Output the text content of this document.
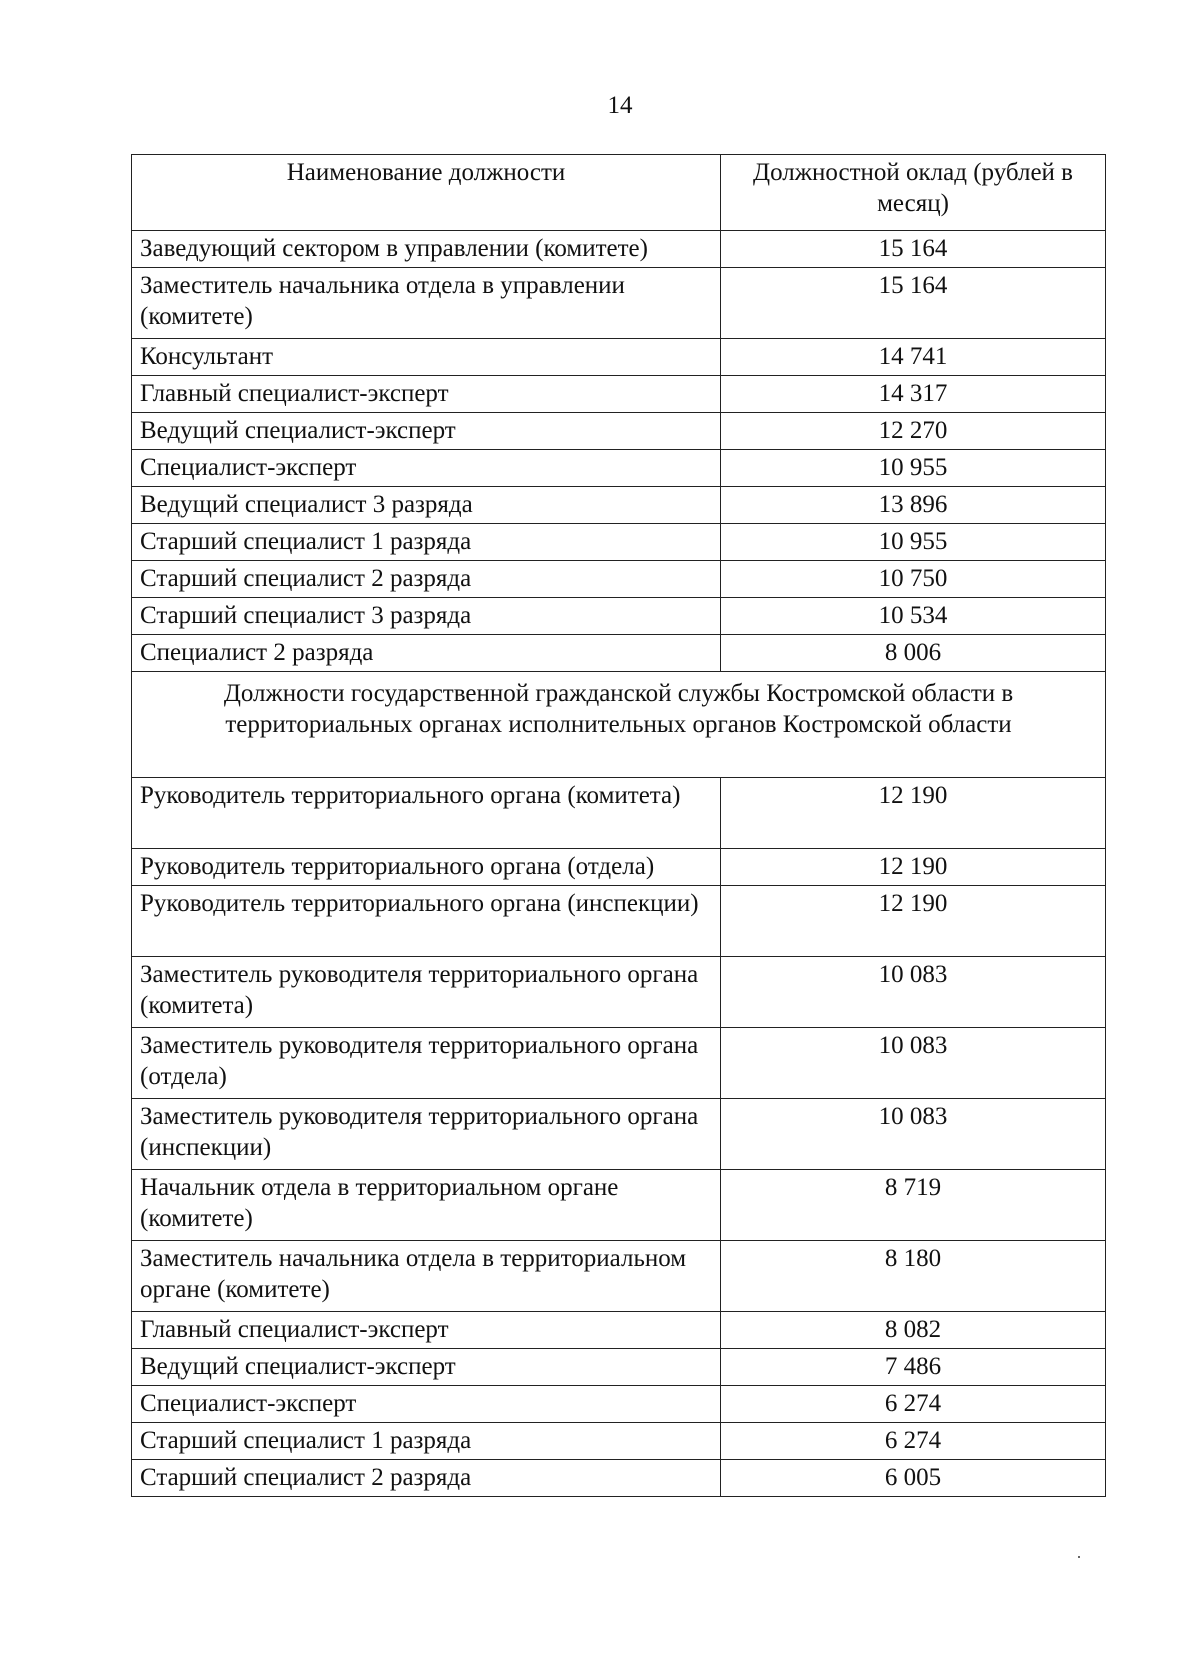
14
Наименование должности	Должностной оклад (рублей в месяц)
Заведующий сектором в управлении (комитете)	15 164
Заместитель начальника отдела в управлении (комитете)	15 164
Консультант	14 741
Главный специалист-эксперт	14 317
Ведущий специалист-эксперт	12 270
Специалист-эксперт	10 955
Ведущий специалист 3 разряда	13 896
Старший специалист 1 разряда	10 955
Старший специалист 2 разряда	10 750
Старший специалист 3 разряда	10 534
Специалист 2 разряда	8 006
Должности государственной гражданской службы Костромской области в территориальных органах исполнительных органов Костромской области	
Руководитель территориального органа (комитета)	12 190
Руководитель территориального органа (отдела)	12 190
Руководитель территориального органа (инспекции)	12 190
Заместитель руководителя территориального органа (комитета)	10 083
Заместитель руководителя территориального органа (отдела)	10 083
Заместитель руководителя территориального органа (инспекции)	10 083
Начальник отдела в территориальном органе (комитете)	8 719
Заместитель начальника отдела в территориальном органе (комитете)	8 180
Главный специалист-эксперт	8 082
Ведущий специалист-эксперт	7 486
Специалист-эксперт	6 274
Старший специалист 1 разряда	6 274
Старший специалист 2 разряда	6 005
